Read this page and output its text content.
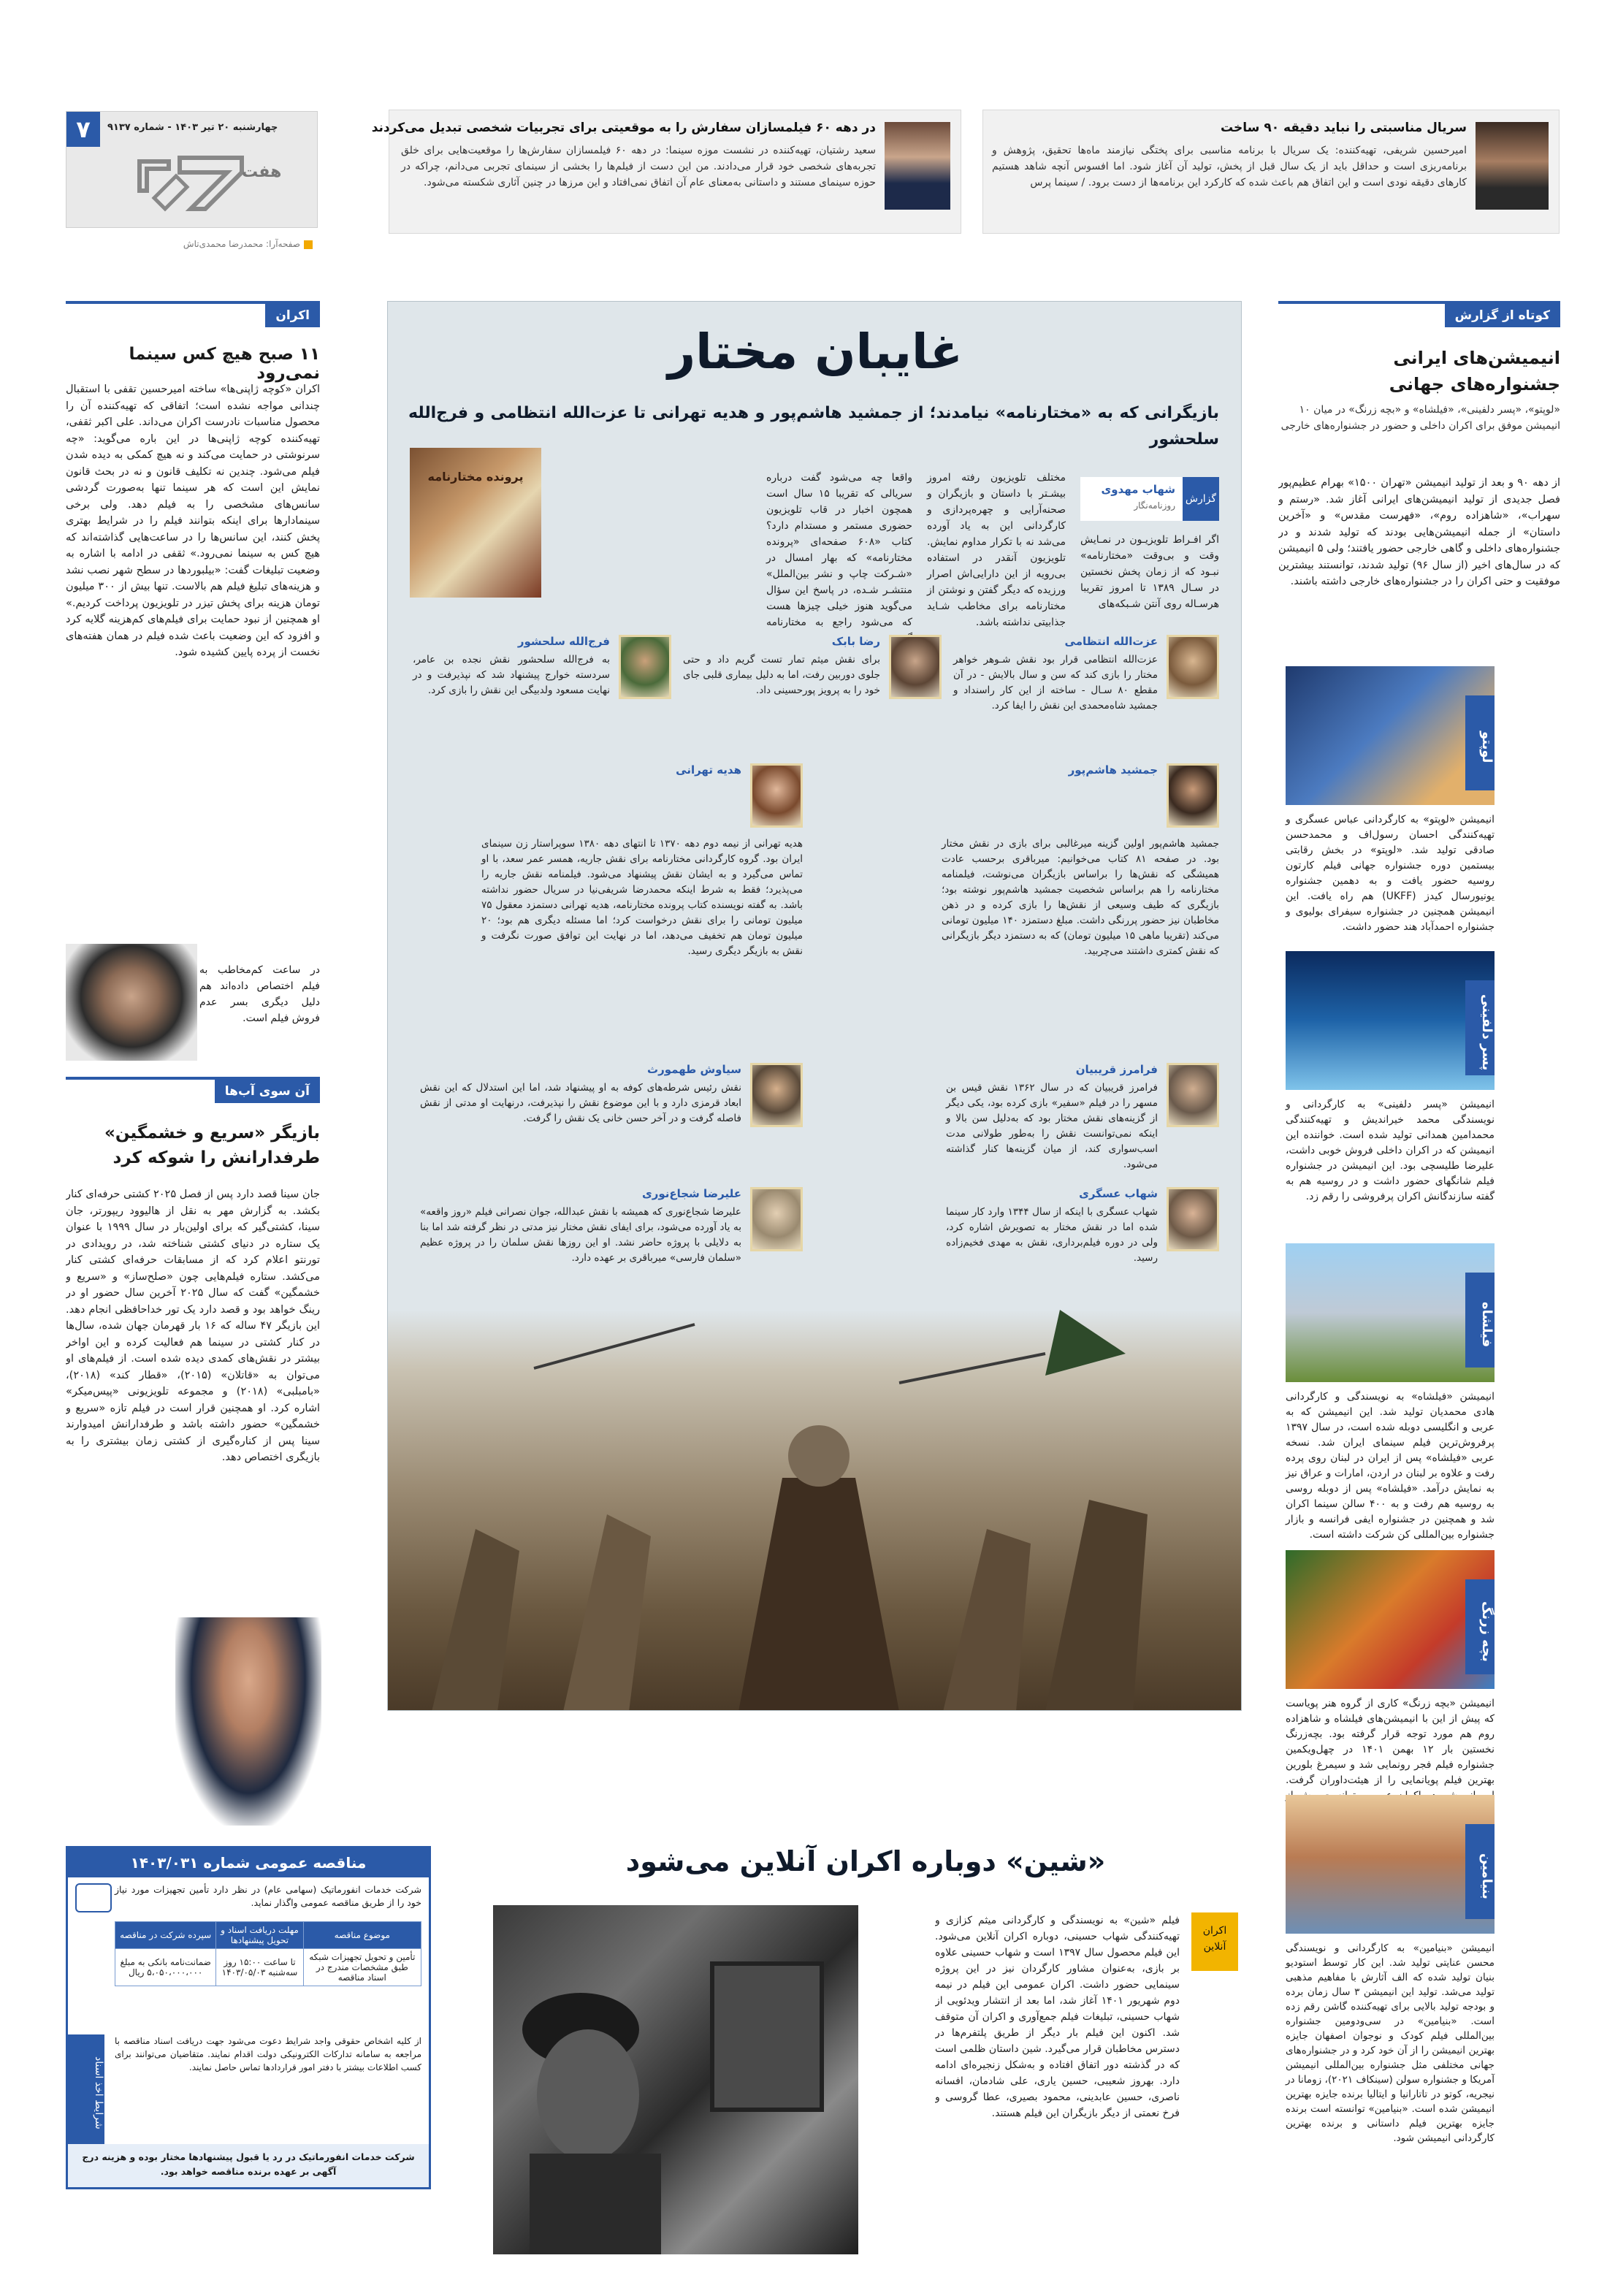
۷	چهارشنبه ۲۰ تیر ۱۴۰۳ - شماره ۹۱۳۷
هفت
صفحه‌آرا: محمدرضا محمدی‌تاش
در دهه ۶۰ فیلمسازان سفارش را به موقعیتی برای تجربیات شخصی تبدیل می‌کردند

سعید رشتیان، تهیه‌کننده در نشست موزه سینما: در دهه ۶۰ فیلمسازان سفارش‌ها را موقعیت‌هایی برای خلق تجربه‌های شخصی خود قرار می‌دادند. من این دست از فیلم‌ها را بخشی از سینمای تجربی می‌دانم، چراکه در حوزه سینمای مستند و داستانی به‌معنای عام آن اتفاق نمی‌افتاد و این مرزها در چنین آثاری شکسته می‌شود.

سریال مناسبتی را نباید دقیقه ۹۰ ساخت

امیرحسین شریفی، تهیه‌کننده: یک سریال با برنامه مناسبی برای پختگی نیازمند ماه‌ها تحقیق، پژوهش و برنامه‌ریزی است و حداقل باید از یک سال قبل از پخش، تولید آن آغاز شود. اما افسوس آنچه شاهد هستیم کارهای دقیقه نودی است و این اتفاق هم باعث شده که کارکرد این برنامه‌ها از دست برود. / سینما پرس

اکران
۱۱ صبح هیچ کس سینما نمی‌رود
اکران «کوچه ژاپنی‌ها» ساخته امیرحسین تقفی با استقبال چندانی مواجه نشده است؛ اتفاقی که تهیه‌کننده آن را محصول مناسبات نادرست اکران می‌داند. علی اکبر ثقفی، تهیه‌کننده کوچه ژاپنی‌ها در این باره می‌گوید: «چه سرنوشتی در حمایت می‌کند و نه هیچ کمکی به دیده شدن فیلم می‌شود. چندین نه تکلیف قانون و نه در بحث قانون نمایش این است که هر سینما تنها به‌صورت گردشی سانس‌های مشخصی را به فیلم دهد. ولی برخی سینمادارها برای اینکه بتوانند فیلم را در شرایط بهتری پخش کنند، این سانس‌ها را در ساعت‌هایی گذاشته‌اند که هیچ کس به سینما نمی‌رود.» ثقفی در ادامه با اشاره به وضعیت تبلیغات گفت: «بیلبوردها در سطح شهر نصب نشد و هزینه‌های تبلیغ فیلم هم بالاست. تنها بیش از ۳۰۰ میلیون تومان هزینه برای پخش تیزر در تلویزیون پرداخت کردیم.» او همچنین از نبود حمایت برای فیلم‌های کم‌هزینه گلایه کرد و افزود که این وضعیت باعث شده فیلم در همان هفته‌های نخست از پرده پایین کشیده شود.
در ساعت کم‌مخاطب به فیلم اختصاص داده‌اند هم دلیل دیگری بسر عدم فروش فیلم است.
آن سوی آب‌ها
بازیگر «سریع و خشمگین» طرفدارانش را شوکه کرد
جان سینا قصد دارد پس از فصل ۲۰۲۵ کشتی حرفه‌ای کنار بکشد. به گزارش مهر به نقل از هالیوود ریپورتر، جان سینا، کشتی‌گیر که برای اولین‌بار در سال ۱۹۹۹ با عنوان یک ستاره در دنیای کشتی شناخته شد، در رویدادی در تورنتو اعلام کرد که از مسابقات حرفه‌ای کشتی کنار می‌کشد. ستاره فیلم‌هایی چون «صلح‌ساز» و «سریع و خشمگین» گفت که سال ۲۰۲۵ آخرین سال حضور او در رینگ خواهد بود و قصد دارد یک تور خداحافظی انجام دهد. این بازیگر ۴۷ ساله که ۱۶ بار قهرمان جهان شده، سال‌ها در کنار کشتی در سینما هم فعالیت کرده و این اواخر بیشتر در نقش‌های کمدی دیده شده است. از فیلم‌های او می‌توان به «قاتلان» (۲۰۱۵)، «قطار کند» (۲۰۱۸)، «بامبلبی» (۲۰۱۸) و مجموعه تلویزیونی «پیس‌میکر» اشاره کرد. او همچنین قرار است در فیلم تازه «سریع و خشمگین» حضور داشته باشد و طرفدارانش امیدوارند سینا پس از کناره‌گیری از کشتی زمان بیشتری را به بازیگری اختصاص دهد.
کوتاه از گزارش
انیمیشن‌های ایرانی جشنواره‌های جهانی
«لوپتو»، «پسر دلفینی»، «فیلشاه» و «بچه زرنگ» در میان ۱۰ انیمیشن موفق برای اکران داخلی و حضور در جشنواره‌های خارجی
از دهه ۹۰ و بعد از تولید انیمیشن «تهران ۱۵۰۰» بهرام عظیم‌پور فصل جدیدی از تولید انیمیشن‌های ایرانی آغاز شد. «رستم و سهراب»، «شاهزاده روم»، «فهرست مقدس» و «آخرین داستان» از جمله انیمیشن‌هایی بودند که تولید شدند و در جشنواره‌های داخلی و گاهی خارجی حضور یافتند؛ ولی ۵ انیمیشن که در سال‌های اخیر (از سال ۹۶) تولید شدند، توانستند بیشترین موفقیت و حتی اکران را در جشنواره‌های خارجی داشته باشند.
لوپتو

انیمیشن «لوپتو» به کارگردانی عباس عسگری و تهیه‌کنندگی احسان رسول‌اف و محمدحسن صادقی تولید شد. «لوپتو» در بخش رقابتی بیستمین دوره جشنواره جهانی فیلم کارتون روسیه حضور یافت و به دهمین جشنواره یونیورسال کیدز (UKFF) هم راه یافت. این انیمیشن همچنین در جشنواره سیفرای بولیوی و جشنواره احمدآباد هند حضور داشت.

پسر دلفینی

انیمیشن «پسر دلفینی» به کارگردانی و نویسندگی محمد خیراندیش و تهیه‌کنندگی محمدامین همدانی تولید شده است. خواننده این انیمیشن که در اکران داخلی فروش خوبی داشت، علیرضا طلیسچی بود. این انیمیشن در جشنواره فیلم شانگهای حضور داشت و در روسیه هم به گفته سازندگانش اکران پرفروشی را رقم زد.

فیلشاه

انیمیشن «فیلشاه» به نویسندگی و کارگردانی هادی محمدیان تولید شد. این انیمیشن که به عربی و انگلیسی دوبله شده است، در سال ۱۳۹۷ پرفروش‌ترین فیلم سینمای ایران شد. نسخه عربی «فیلشاه» پس از ایران در لبنان روی پرده رفت و علاوه بر لبنان در اردن، امارات و عراق نیز به نمایش درآمد. «فیلشاه» پس از دوبله روسی به روسیه هم رفت و به ۴۰۰ سالن سینما اکران شد و همچنین در جشنواره ایفی فرانسه و بازار جشنواره بین‌المللی کن شرکت داشته است.

بچه زرنگ

انیمیشن «بچه زرنگ» کاری از گروه هنر پویاست که پیش از این با انیمیشن‌های فیلشاه و شاهزاده روم هم مورد توجه قرار گرفته بود. بچه‌زرنگ نخستین بار ۱۲ بهمن ۱۴۰۱ در چهل‌ویکمین جشنواره فیلم فجر رونمایی شد و سیمرغ بلورین بهترین فیلم پویانمایی را از هیئت‌داوران گرفت.

بنیامین

انیمیشن «بنیامین» به کارگردانی و نویسندگی محسن عنایتی تولید شد. این کار توسط استودیو بنیان تولید شده که الف آثارش با مفاهیم مذهبی تولید می‌شد. تولید این انیمیشن ۳ سال زمان برده و بودجه تولید بالایی برای تهیه‌کننده گاشن رقم زده است. «بنیامین» در سی‌ودومین جشنواره بین‌المللی فیلم کودک و نوجوان اصفهان جایزه بهترین انیمیشن را از آن خود کرد و در جشنواره‌های جهانی مختلفی مثل جشنواره بین‌المللی انیمیشن آمریکا و جشنواره سولن (سینکاف ۲۰۲۱)، زومانا در نیجریه، کوتو در تاتارانیا و ایتالیا برنده جایزه بهترین انیمیشن شده است. «بنیامین» توانسته است برنده جایزه بهترین فیلم داستانی و برنده بهترین کارگردانی انیمیشن شود.

غایبان مختار
بازیگرانی که به «مختارنامه» نیامدند؛ از جمشید هاشم‌پور و هدیه تهرانی تا عزت‌الله انتظامی و فرج‌الله سلحشور
گزارش
شهاب مهدوی
روزنامه‌نگار
اگر افـراط تلویزیـون در نمـایش وقت و بی‌وقت «مختارنامه» نبـود که از زمان پخش نخستین در سـال ۱۳۸۹ تا امروز تقریبا هرسـاله روی آنتن شـبکه‌های
مختلف تلویزیون رفته امروز بیشـتر با داستان و بازیگران و صحنه‌آرایی و چهره‌پردازی و کارگردانی این به یاد آورده می‌شد نه با تکرار مداوم نمایش. تلویزیون آنقدر در استفاده بی‌رویه از این دارایی‌اش اصرار ورزیده که دیگر گفتن و نوشتن از مختارنامه برای مخاطب شـاید جذابیتی نداشته باشد.
واقعا چه می‌شود گفت درباره سریالی که تقریبا ۱۵ سال است همچون اخبار در قاب تلویزیون حضوری مستمر و مستدام دارد؟ کتاب «۶۰۸ صفحه‌ای «پرونده مختارنامه» که بهار امسال در «شـرکت چاپ و نشر بین‌الملل» منتشـر شـده، در پاسخ این سؤال می‌گوید هنوز خیلی چیزها هست که می‌شود راجع به مختارنامه
پرونده مختارنامه
عزت‌الله انتظامی

عزت‌الله انتظامی قرار بود نقش شـوهر خواهر مختار را بازی کند که سن و سال بالایش - در آن مقطع ۸۰ سـال - ساخته از این کار راسنداد و جمشید شاه‌محمدی این نقش را ایفا کرد.

رضا بابک

برای نقش میثم تمار تست گریم داد و حتی جلوی دوربین رفت، اما به دلیل بیماری قلبی جای خود را به پرویز پورحسینی داد.

فرج‌الله سلحشور

به فرج‌الله سلحشور نقش نجده بن عامر، سردسته خوارج پیشنهاد شد که نپذیرفت و در نهایت مسعود ولدبیگی این نقش را بازی کرد.

جمشید هاشم‌پور

جمشید هاشم‌پور اولین گزینه میرغالبی برای بازی در نقش مختار بود. در صفحه ۸۱ کتاب می‌خوانیم: میرباقری برحسب عادت همیشگی که نقش‌ها را براساس بازیگران می‌نوشت، فیلمنامه مختارنامه را هم براساس شخصیت جمشید هاشم‌پور نوشته بود؛ بازیگری که طیف وسیعی از نقش‌ها را بازی کرده و در ذهن مخاطبان نیز حضور پررنگی داشت. مبلغ دستمزد ۱۴۰ میلیون تومانی می‌کند (تقریبا ماهی ۱۵ میلیون تومان) که به دستمزد دیگر بازیگرانی که نقش کمتری داشتند می‌چربید.

هدیه تهرانی

هدیه تهرانی از نیمه دوم دهه ۱۳۷۰ تا انتهای دهه ۱۳۸۰ سوپراستار زن سینمای ایران بود. گروه کارگردانی مختارنامه برای نقش جاریه، همسر عمر سعد، با او تماس می‌گیرد و به ایشان نقش پیشنهاد می‌شود. فیلمنامه نقش جاریه را می‌پذیرد؛ فقط به شرط اینکه محمدرضا شریفی‌نیا در سریال حضور نداشته باشد. به گفته نویسنده کتاب پرونده مختارنامه، هدیه تهرانی دستمزد معقول ۷۵ میلیون تومانی را برای نقش درخواست کرد؛ اما مسئله دیگری هم بود؛ ۲۰ میلیون تومان هم تخفیف می‌دهد، اما در نهایت این توافق صورت نگرفت و نقش به بازیگر دیگری رسید.

فرامرز قریبیان

فرامرز قریبیان که در سال ۱۳۶۲ نقش قیس بن مسهر را در فیلم «سفیر» بازی کرده بود، یکی دیگر از گزینه‌های نقش مختار بود که به‌دلیل سن بالا و اینکه نمی‌توانست نقش را به‌طور طولانی مدت اسب‌سواری کند، از میان گزینه‌ها کنار گذاشته می‌شود.

سیاوش طهمورث

نقش رئیس شرطه‌های کوفه به او پیشنهاد شد، اما این استدلال که این نقش ابعاد قرمزی دارد و با این موضوع نقش را نپذیرفت، درنهایت او مدتی از نقش فاصله گرفت و در آخر حسن خانی یک نقش را گرفت.

شهاب عسگری

شهاب عسگری با اینکه از سال ۱۳۴۴ وارد کار سینما شده اما در نقش مختار به تصویرش اشاره کرد، ولی در دوره فیلم‌برداری، نقش به مهدی فخیم‌زاده رسید.

علیرضا شجاع‌نوری

علیرضا شجاع‌نوری که همیشه با نقش عبدالله، جوان نصرانی فیلم «روز واقعه» به یاد آورده می‌شود، برای ایفای نقش مختار نیز مدتی در نظر گرفته شد اما بنا به دلایلی با پروژه حاضر نشد. او این روزها نقش سلمان را در پروژه عظیم «سلمان فارسی» میرباقری بر عهده دارد.

«شین» دوباره اکران آنلاین می‌شود
اکران آنلاین
فیلم «شین» به نویسندگی و کارگردانی میثم کزازی و تهیه‌کنندگی شهاب حسینی، دوباره اکران آنلاین می‌شود. این فیلم محصول سال ۱۳۹۷ است و شهاب حسینی علاوه بر بازی، به‌عنوان مشاور کارگردان نیز در این پروژه سینمایی حضور داشت. اکران عمومی این فیلم در نیمه دوم شهریور ۱۴۰۱ آغاز شد، اما بعد از انتشار ویدئویی از شهاب حسینی، تبلیغات فیلم جمع‌آوری و اکران آن متوقف شد. اکنون این فیلم بار دیگر از طریق پلتفرم‌ها در دسترس مخاطبان قرار می‌گیرد. شین داستان ظلمی است که در گذشته دور اتفاق افتاده و به‌شکل زنجیره‌ای ادامه دارد. بهروز شعیبی، حسین یاری، علی شادمان، افسانه ناصری، حسین عابدینی، محمود بصیری، عطا گروسی و فرخ نعمتی از دیگر بازیگران این فیلم هستند.
مناقصه عمومی شماره ۱۴۰۳/۰۳۱
شرکت خدمات انفورماتیک (سهامی عام) در نظر دارد تأمین تجهیزات مورد نیاز خود را از طریق مناقصه عمومی واگذار نماید.
موضوع مناقصه	مهلت دریافت اسناد و تحویل پیشنهادها	سپرده شرکت در مناقصه
تأمین و تحویل تجهیزات شبکه طبق مشخصات مندرج در اسناد مناقصه	تا ساعت ۱۵:۰۰ روز سه‌شنبه ۱۴۰۳/۰۵/۰۳	ضمانت‌نامه بانکی به مبلغ ۵،۰۵۰،۰۰۰،۰۰۰ ریال
از کلیه اشخاص حقوقی واجد شرایط دعوت می‌شود جهت دریافت اسناد مناقصه با مراجعه به سامانه تدارکات الکترونیکی دولت اقدام نمایند. متقاضیان می‌توانند برای کسب اطلاعات بیشتر با دفتر امور قراردادها تماس حاصل نمایند.
شرایط اخذ اسناد
شرکت خدمات انفورماتیک در رد یا قبول پیشنهادها مختار بوده و هزینه درج آگهی بر عهده برنده مناقصه خواهد بود.
